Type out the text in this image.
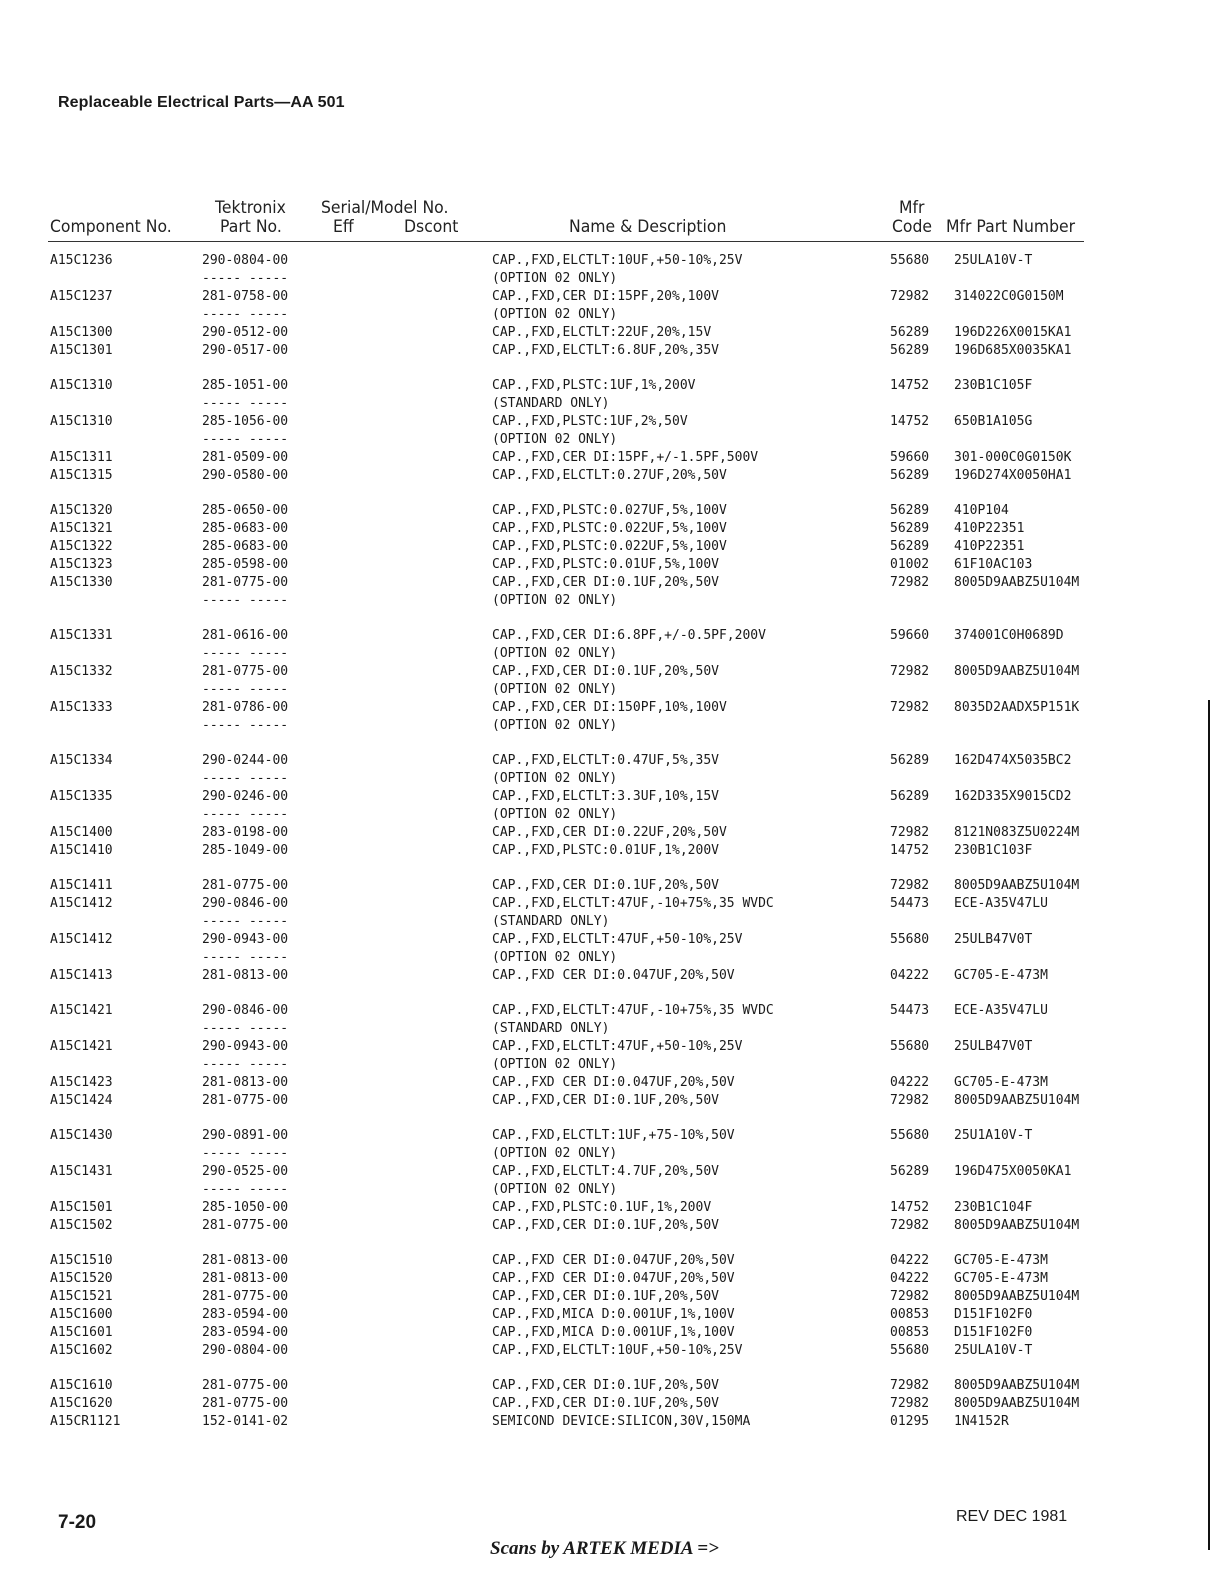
Replaceable Electrical Parts—AA 501
Component No.
Tektronix
Part No.
Serial/Model No.
Eff	Dscont	Name & Description
Mfr
Code Mfr Part Number
A15C1236	290-0804-00	CAP.,FXD,ELCTLT:10UF,+50-10%,25V	55680 25ULA10V-T
----- -----	(OPTION 02 ONLY)
A15C1237	281-0758-00	CAP.,FXD,CER DI:15PF,20%,100V	72982 314022C0G0150M
----- -----	(OPTION 02 ONLY)
A15C1300	290-0512-00	CAP.,FXD,ELCTLT:22UF,20%,15V	56289 196D226X0015KA1
A15C1301	290-0517-00	CAP.,FXD,ELCTLT:6.8UF,20%,35V	56289 196D685X0035KA1
A15C1310	285-1051-00	CAP.,FXD,PLSTC:1UF,1%,200V	14752 230B1C105F
----- -----	(STANDARD ONLY)
A15C1310	285-1056-00	CAP.,FXD,PLSTC:1UF,2%,50V	14752 650B1A105G
----- -----	(OPTION 02 ONLY)
A15C1311	281-0509-00	CAP.,FXD,CER DI:15PF,+/-1.5PF,500V	59660 301-000C0G0150K
A15C1315	290-0580-00	CAP.,FXD,ELCTLT:0.27UF,20%,50V	56289 196D274X0050HA1
A15C1320	285-0650-00	CAP.,FXD,PLSTC:0.027UF,5%,100V	56289 410P104
A15C1321	285-0683-00	CAP.,FXD,PLSTC:0.022UF,5%,100V	56289 410P22351
A15C1322	285-0683-00	CAP.,FXD,PLSTC:0.022UF,5%,100V	56289 410P22351
A15C1323	285-0598-00	CAP.,FXD,PLSTC:0.01UF,5%,100V	01002 61F10AC103
A15C1330	281-0775-00	CAP.,FXD,CER DI:0.1UF,20%,50V	72982 8005D9AABZ5U104M
----- -----	(OPTION 02 ONLY)
A15C1331	281-0616-00	CAP.,FXD,CER DI:6.8PF,+/-0.5PF,200V	59660 374001C0H0689D
----- -----	(OPTION 02 ONLY)
A15C1332	281-0775-00	CAP.,FXD,CER DI:0.1UF,20%,50V	72982 8005D9AABZ5U104M
----- -----	(OPTION 02 ONLY)
A15C1333	281-0786-00	CAP.,FXD,CER DI:150PF,10%,100V	72982 8035D2AADX5P151K
----- -----	(OPTION 02 ONLY)
A15C1334	290-0244-00	CAP.,FXD,ELCTLT:0.47UF,5%,35V	56289 162D474X5035BC2
----- -----	(OPTION 02 ONLY)
A15C1335	290-0246-00	CAP.,FXD,ELCTLT:3.3UF,10%,15V	56289 162D335X9015CD2
----- -----	(OPTION 02 ONLY)
A15C1400	283-0198-00	CAP.,FXD,CER DI:0.22UF,20%,50V	72982 8121N083Z5U0224M
A15C1410	285-1049-00	CAP.,FXD,PLSTC:0.01UF,1%,200V	14752 230B1C103F
A15C1411	281-0775-00	CAP.,FXD,CER DI:0.1UF,20%,50V	72982 8005D9AABZ5U104M
A15C1412	290-0846-00	CAP.,FXD,ELCTLT:47UF,-10+75%,35 WVDC	54473 ECE-A35V47LU
----- -----	(STANDARD ONLY)
A15C1412	290-0943-00	CAP.,FXD,ELCTLT:47UF,+50-10%,25V	55680 25ULB47V0T
----- -----	(OPTION 02 ONLY)
A15C1413	281-0813-00	CAP.,FXD CER DI:0.047UF,20%,50V	04222 GC705-E-473M
A15C1421	290-0846-00	CAP.,FXD,ELCTLT:47UF,-10+75%,35 WVDC	54473 ECE-A35V47LU
----- -----	(STANDARD ONLY)
A15C1421	290-0943-00	CAP.,FXD,ELCTLT:47UF,+50-10%,25V	55680 25ULB47V0T
----- -----	(OPTION 02 ONLY)
A15C1423	281-0813-00	CAP.,FXD CER DI:0.047UF,20%,50V	04222 GC705-E-473M
A15C1424	281-0775-00	CAP.,FXD,CER DI:0.1UF,20%,50V	72982 8005D9AABZ5U104M
A15C1430	290-0891-00	CAP.,FXD,ELCTLT:1UF,+75-10%,50V	55680 25U1A10V-T
----- -----	(OPTION 02 ONLY)
A15C1431	290-0525-00	CAP.,FXD,ELCTLT:4.7UF,20%,50V	56289 196D475X0050KA1
----- -----	(OPTION 02 ONLY)
A15C1501	285-1050-00	CAP.,FXD,PLSTC:0.1UF,1%,200V	14752 230B1C104F
A15C1502	281-0775-00	CAP.,FXD,CER DI:0.1UF,20%,50V	72982 8005D9AABZ5U104M
A15C1510	281-0813-00	CAP.,FXD CER DI:0.047UF,20%,50V	04222 GC705-E-473M
A15C1520	281-0813-00	CAP.,FXD CER DI:0.047UF,20%,50V	04222 GC705-E-473M
A15C1521	281-0775-00	CAP.,FXD,CER DI:0.1UF,20%,50V	72982 8005D9AABZ5U104M
A15C1600	283-0594-00	CAP.,FXD,MICA D:0.001UF,1%,100V	00853 D151F102F0
A15C1601	283-0594-00	CAP.,FXD,MICA D:0.001UF,1%,100V	00853 D151F102F0
A15C1602	290-0804-00	CAP.,FXD,ELCTLT:10UF,+50-10%,25V	55680 25ULA10V-T
A15C1610	281-0775-00	CAP.,FXD,CER DI:0.1UF,20%,50V	72982 8005D9AABZ5U104M
A15C1620	281-0775-00	CAP.,FXD,CER DI:0.1UF,20%,50V	72982 8005D9AABZ5U104M
A15CR1121	152-0141-02	SEMICOND DEVICE:SILICON,30V,150MA	01295 1N4152R
7-20	REV DEC 1981
Scans by ARTEK MEDIA =>
